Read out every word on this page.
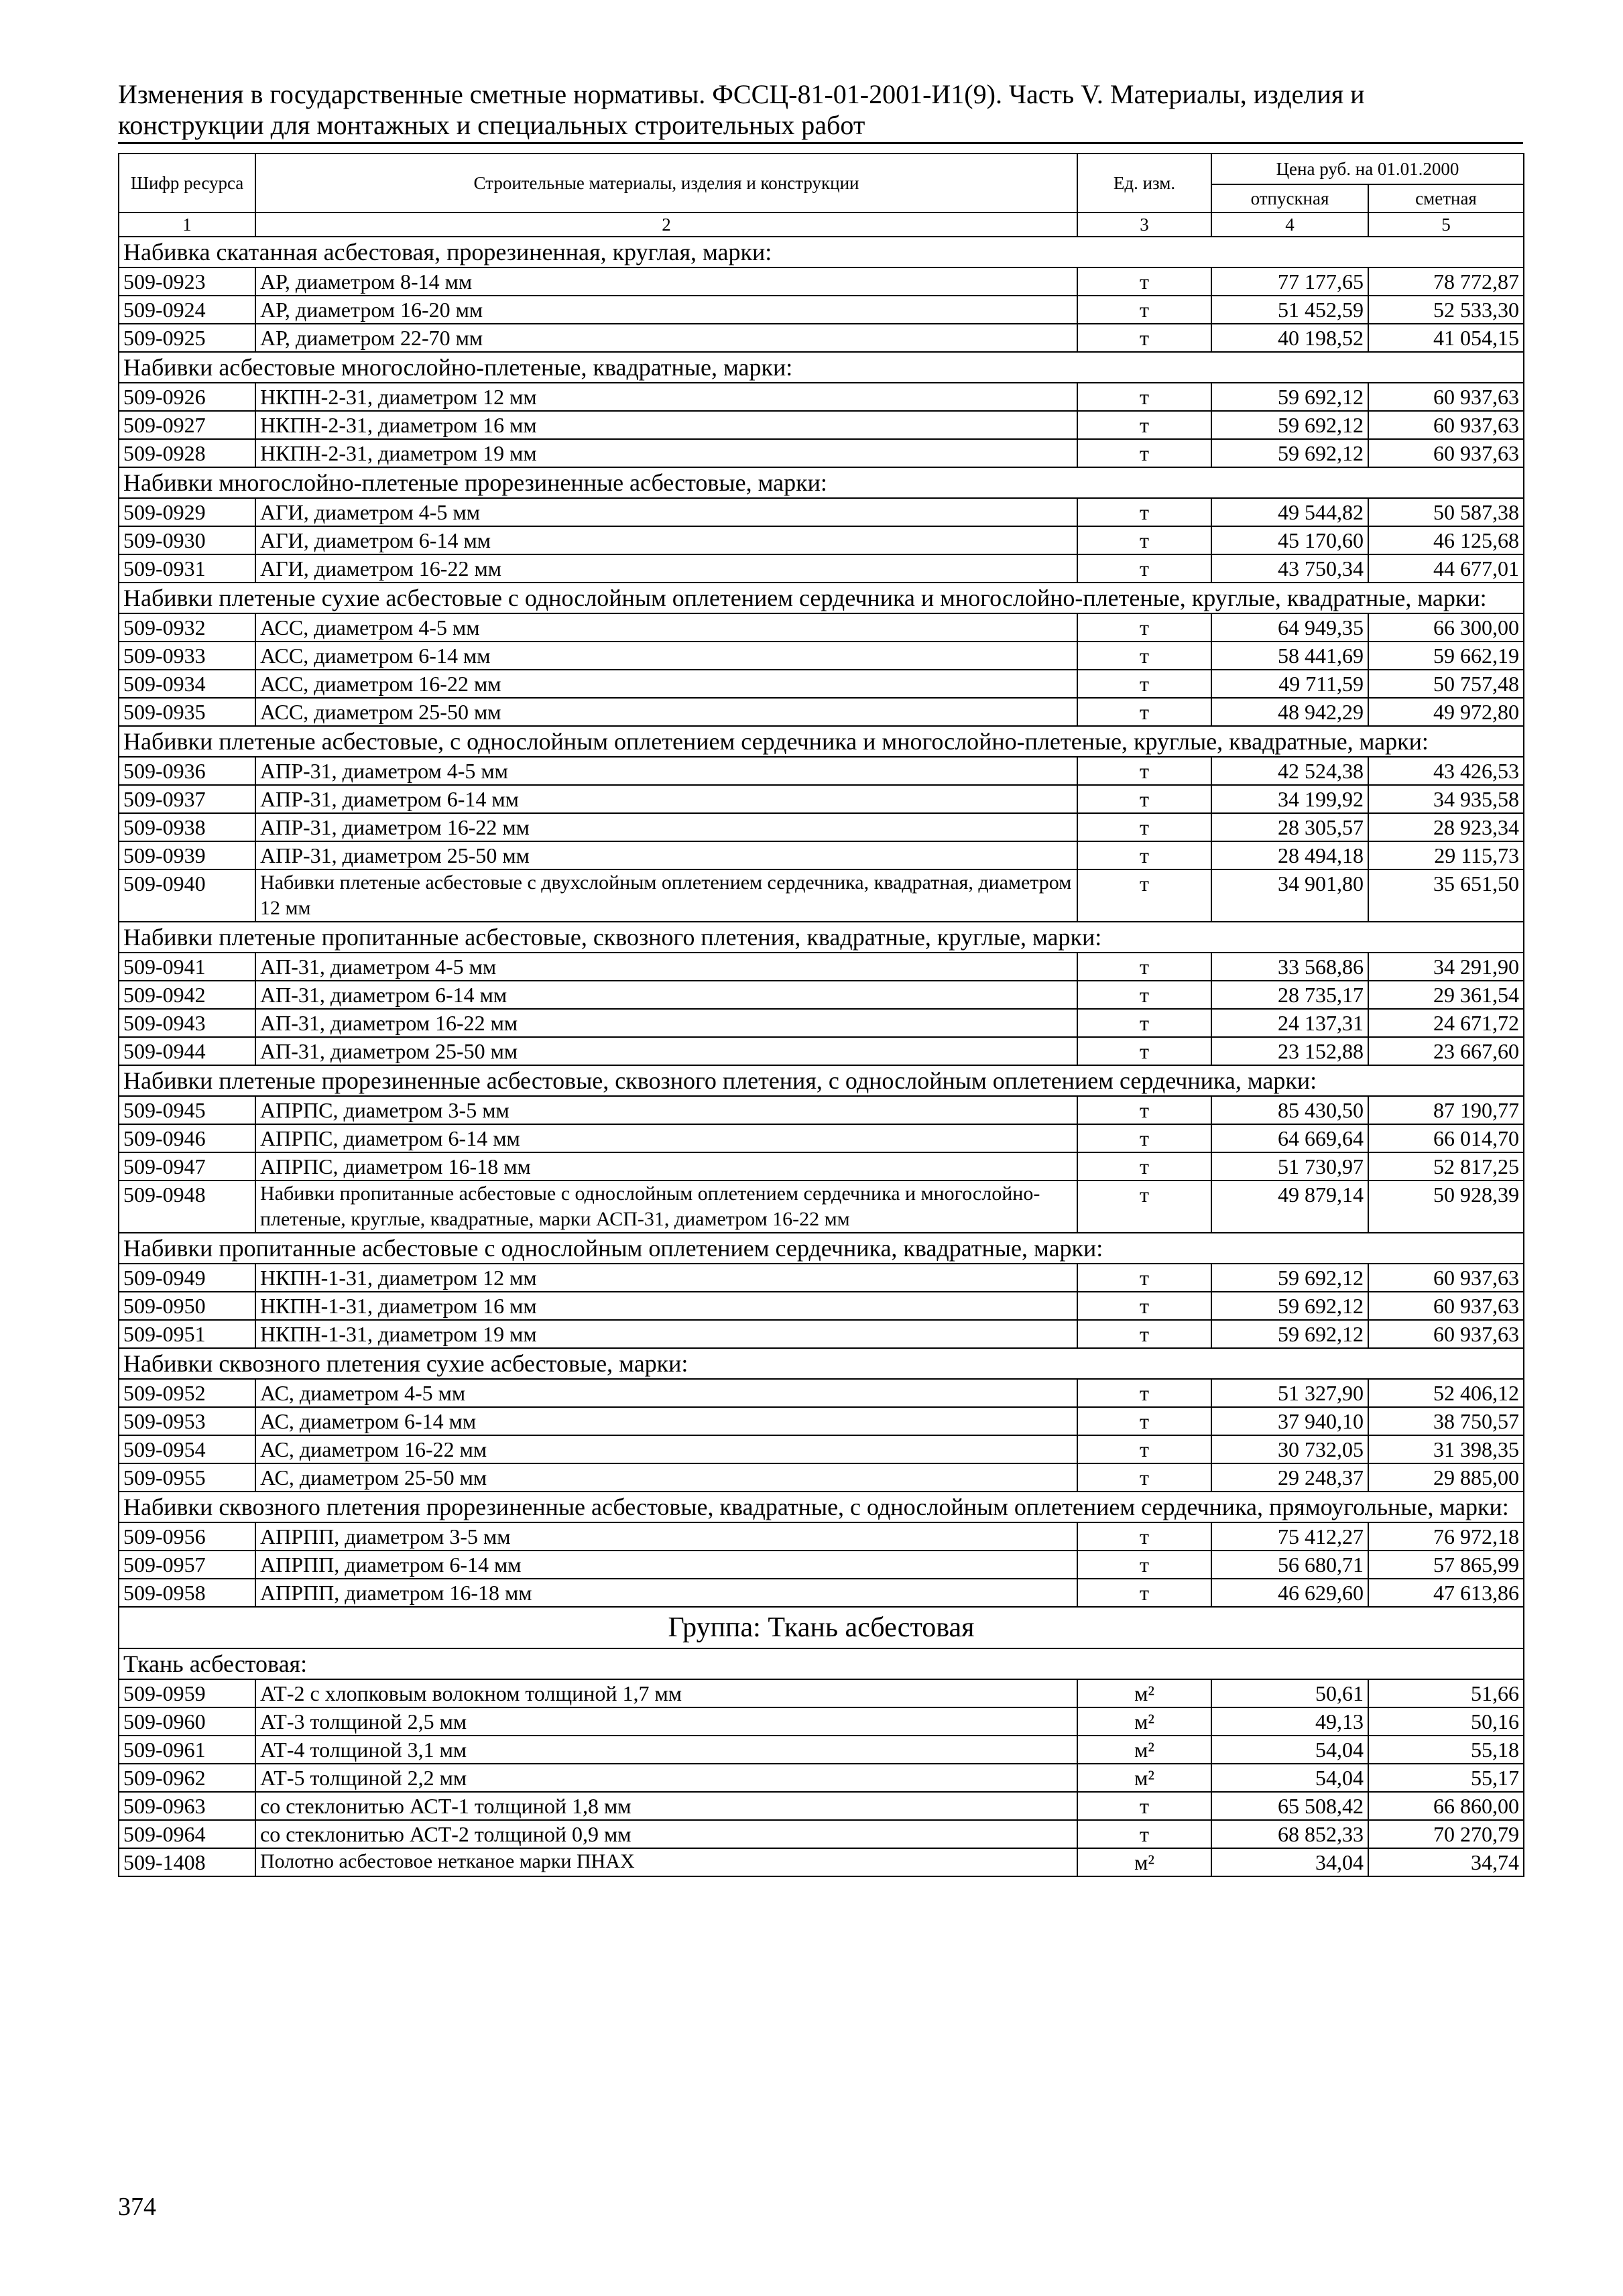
Изменения в государственные сметные нормативы. ФССЦ-81-01-2001-И1(9). Часть V. Материалы, изделия и
конструкции для монтажных и специальных строительных работ
Шифр ресурса	Строительные материалы, изделия и конструкции	Ед. изм.	Цена руб. на 01.01.2000	
			отпускная	сметная
1	2	3	4	5
Набивка скатанная асбестовая, прорезиненная, круглая, марки:				
509-0923	АР, диаметром 8-14 мм	т	77 177,65	78 772,87
509-0924	АР, диаметром 16-20 мм	т	51 452,59	52 533,30
509-0925	АР, диаметром 22-70 мм	т	40 198,52	41 054,15
Набивки асбестовые многослойно-плетеные, квадратные, марки:				
509-0926	НКПН-2-31, диаметром 12 мм	т	59 692,12	60 937,63
509-0927	НКПН-2-31, диаметром 16 мм	т	59 692,12	60 937,63
509-0928	НКПН-2-31, диаметром 19 мм	т	59 692,12	60 937,63
Набивки многослойно-плетеные прорезиненные асбестовые, марки:				
509-0929	АГИ, диаметром 4-5 мм	т	49 544,82	50 587,38
509-0930	АГИ, диаметром 6-14 мм	т	45 170,60	46 125,68
509-0931	АГИ, диаметром 16-22 мм	т	43 750,34	44 677,01
Набивки плетеные сухие асбестовые с однослойным оплетением сердечника и многослойно-плетеные, круглые, квадратные, марки:				
509-0932	АСС, диаметром 4-5 мм	т	64 949,35	66 300,00
509-0933	АСС, диаметром 6-14 мм	т	58 441,69	59 662,19
509-0934	АСС, диаметром 16-22 мм	т	49 711,59	50 757,48
509-0935	АСС, диаметром 25-50 мм	т	48 942,29	49 972,80
Набивки плетеные асбестовые, с однослойным оплетением сердечника и многослойно-плетеные, круглые, квадратные, марки:				
509-0936	АПР-31, диаметром 4-5 мм	т	42 524,38	43 426,53
509-0937	АПР-31, диаметром 6-14 мм	т	34 199,92	34 935,58
509-0938	АПР-31, диаметром 16-22 мм	т	28 305,57	28 923,34
509-0939	АПР-31, диаметром 25-50 мм	т	28 494,18	29 115,73
509-0940	Набивки плетеные асбестовые с двухслойным оплетением сердечника, квадратная, диаметром 12 мм	т	34 901,80	35 651,50
Набивки плетеные пропитанные асбестовые, сквозного плетения, квадратные, круглые, марки:				
509-0941	АП-31, диаметром 4-5 мм	т	33 568,86	34 291,90
509-0942	АП-31, диаметром 6-14 мм	т	28 735,17	29 361,54
509-0943	АП-31, диаметром 16-22 мм	т	24 137,31	24 671,72
509-0944	АП-31, диаметром 25-50 мм	т	23 152,88	23 667,60
Набивки плетеные прорезиненные асбестовые, сквозного плетения, с однослойным оплетением сердечника, марки:				
509-0945	АПРПС, диаметром 3-5 мм	т	85 430,50	87 190,77
509-0946	АПРПС, диаметром 6-14 мм	т	64 669,64	66 014,70
509-0947	АПРПС, диаметром 16-18 мм	т	51 730,97	52 817,25
509-0948	Набивки пропитанные асбестовые с однослойным оплетением сердечника и многослойно-плетеные, круглые, квадратные, марки АСП-31, диаметром 16-22 мм	т	49 879,14	50 928,39
Набивки пропитанные асбестовые с однослойным оплетением сердечника, квадратные, марки:				
509-0949	НКПН-1-31, диаметром 12 мм	т	59 692,12	60 937,63
509-0950	НКПН-1-31, диаметром 16 мм	т	59 692,12	60 937,63
509-0951	НКПН-1-31, диаметром 19 мм	т	59 692,12	60 937,63
Набивки сквозного плетения сухие асбестовые, марки:				
509-0952	АС, диаметром 4-5 мм	т	51 327,90	52 406,12
509-0953	АС, диаметром 6-14 мм	т	37 940,10	38 750,57
509-0954	АС, диаметром 16-22 мм	т	30 732,05	31 398,35
509-0955	АС, диаметром 25-50 мм	т	29 248,37	29 885,00
Набивки сквозного плетения прорезиненные асбестовые, квадратные, с однослойным оплетением сердечника, прямоугольные, марки:				
509-0956	АПРПП, диаметром 3-5 мм	т	75 412,27	76 972,18
509-0957	АПРПП, диаметром 6-14 мм	т	56 680,71	57 865,99
509-0958	АПРПП, диаметром 16-18 мм	т	46 629,60	47 613,86
Группа: Ткань асбестовая				
Ткань асбестовая:				
509-0959	АТ-2 с хлопковым волокном толщиной 1,7 мм	м²	50,61	51,66
509-0960	АТ-3 толщиной 2,5 мм	м²	49,13	50,16
509-0961	АТ-4 толщиной 3,1 мм	м²	54,04	55,18
509-0962	АТ-5 толщиной 2,2 мм	м²	54,04	55,17
509-0963	со стеклонитью АСТ-1 толщиной 1,8 мм	т	65 508,42	66 860,00
509-0964	со стеклонитью АСТ-2 толщиной 0,9 мм	т	68 852,33	70 270,79
509-1408	Полотно асбестовое нетканое марки ПНАХ	м²	34,04	34,74
374
